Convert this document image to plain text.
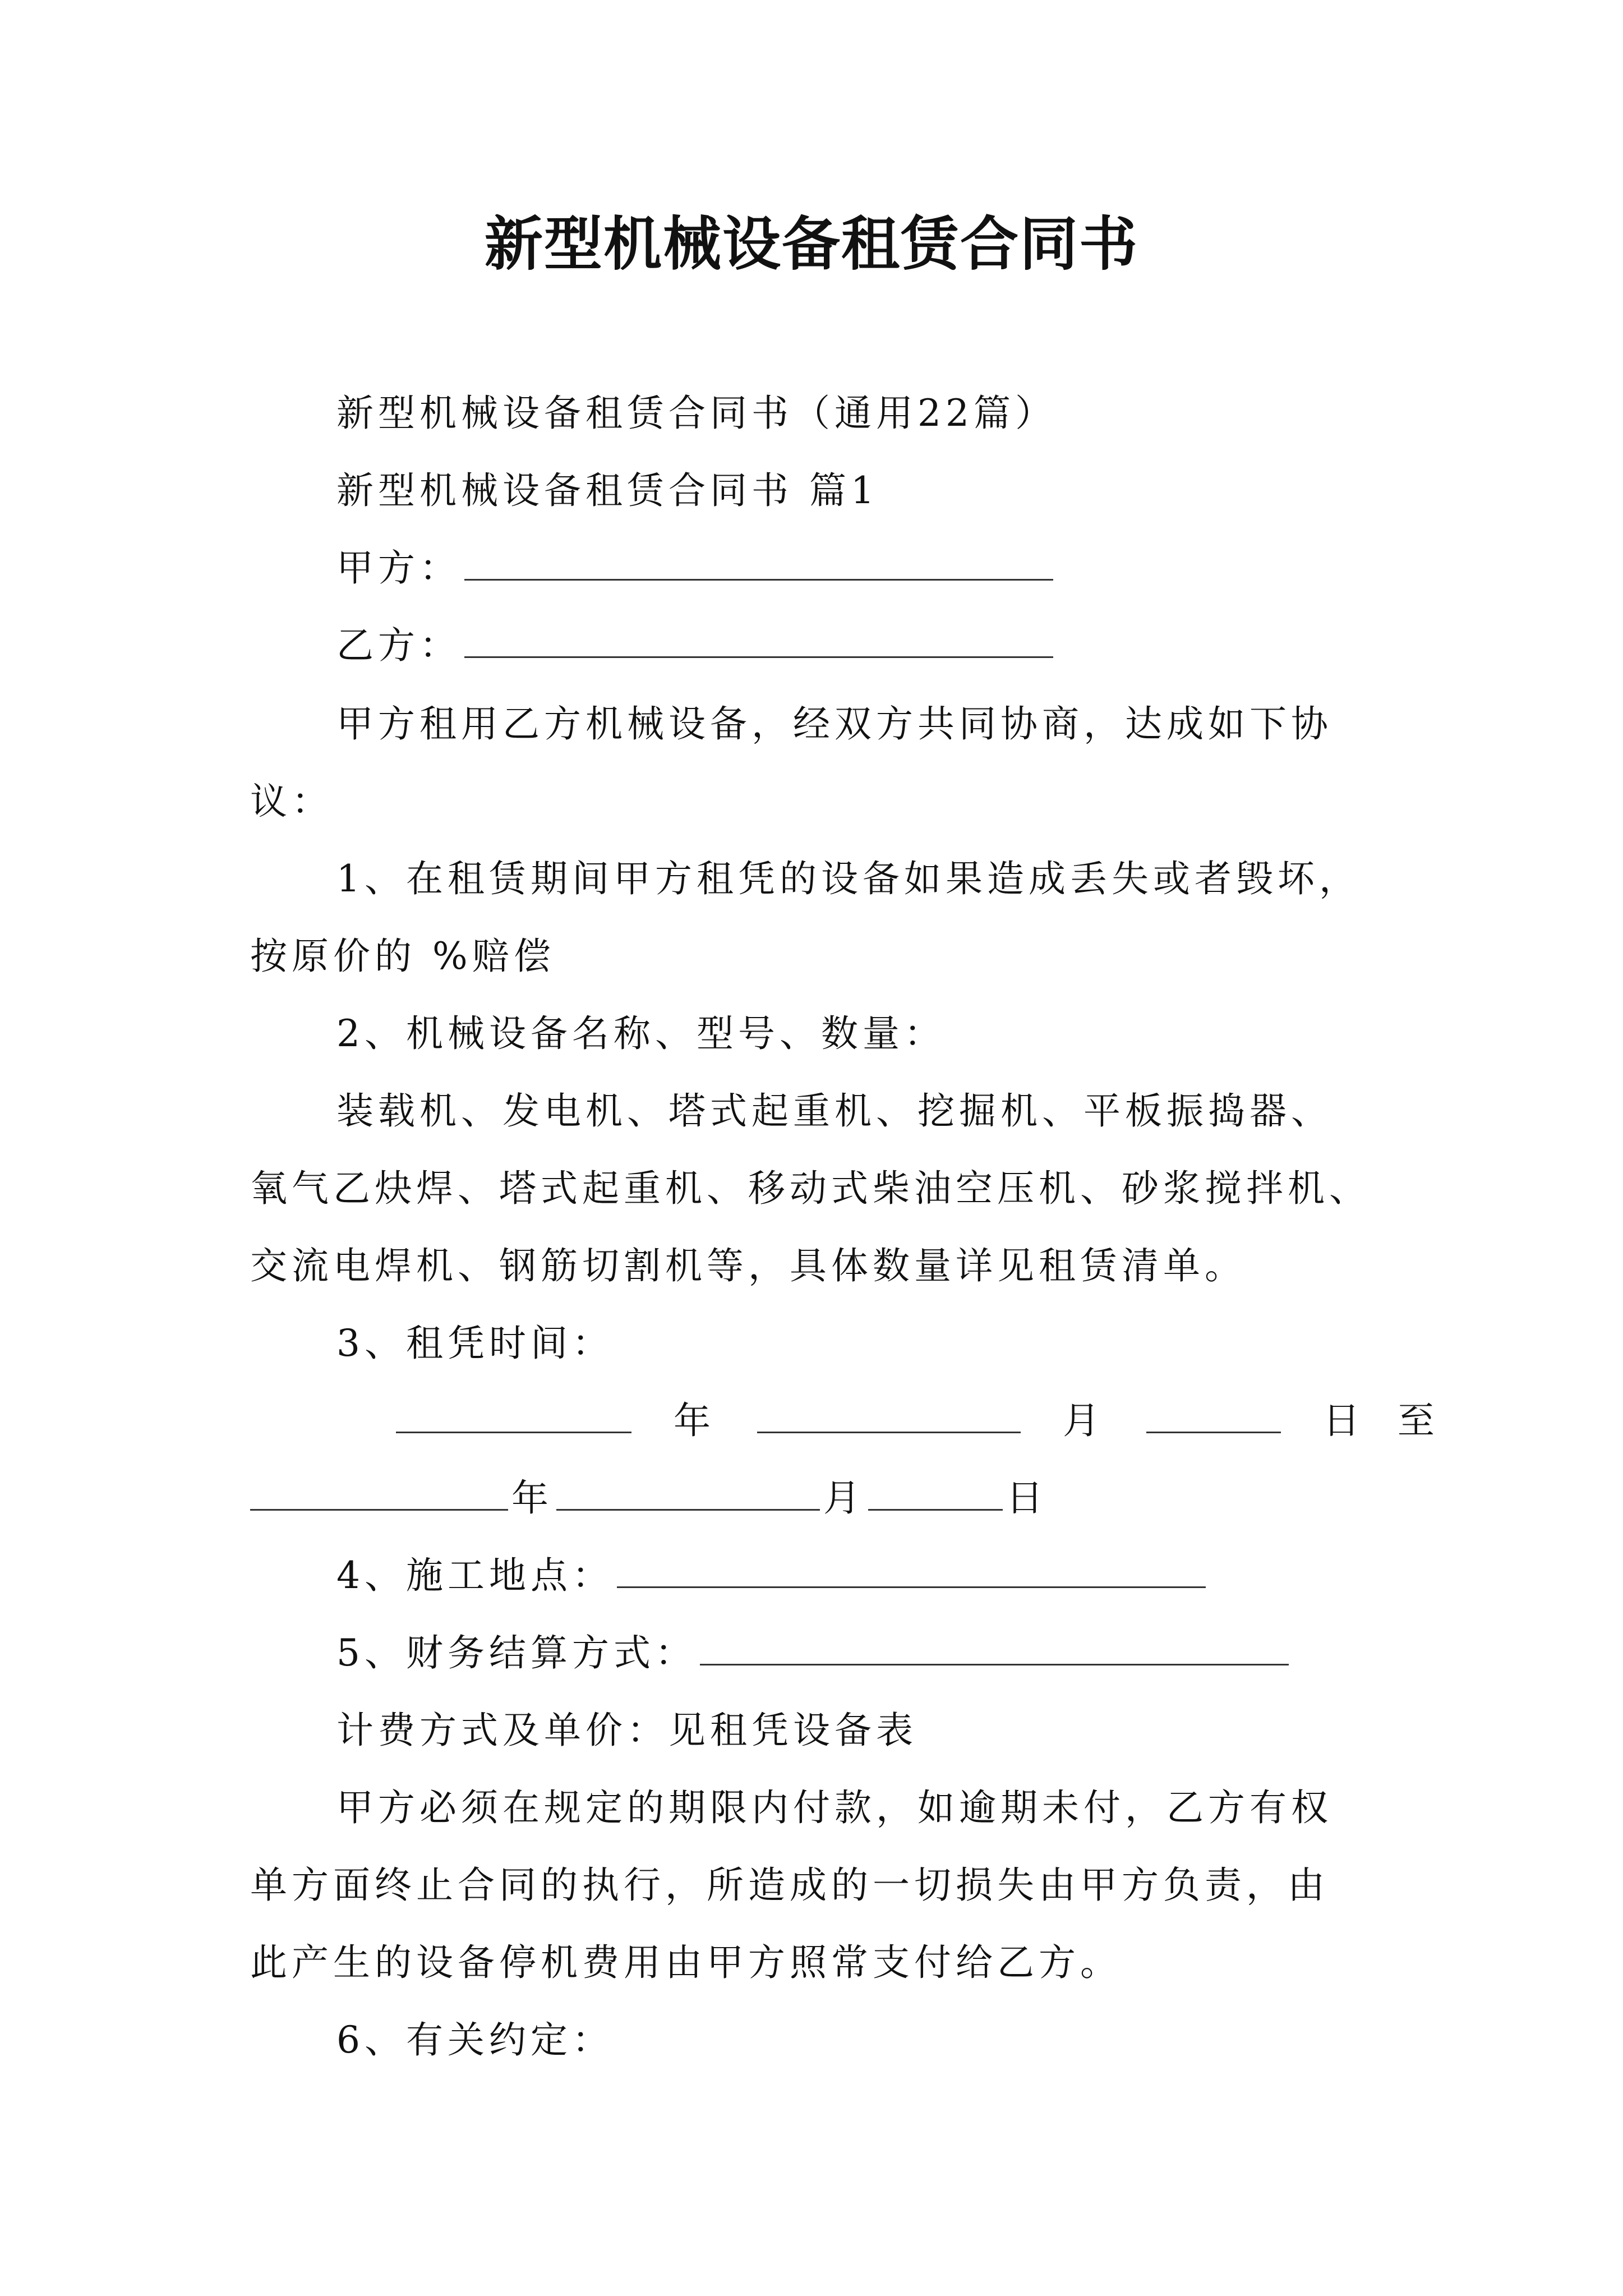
新型机械设备租赁合同书
新型机械设备租赁合同书（通用22篇）
新型机械设备租赁合同书 篇1
甲方：
乙方：
甲方租用乙方机械设备，经双方共同协商，达成如下协
议：
1、在租赁期间甲方租凭的设备如果造成丢失或者毁坏，
按原价的 %赔偿
2、机械设备名称、型号、数量：
装载机、发电机、塔式起重机、挖掘机、平板振捣器、
氧气乙炔焊、塔式起重机、移动式柴油空压机、砂浆搅拌机、
交流电焊机、钢筋切割机等，具体数量详见租赁清单。
3、租凭时间：
年	月	日 至
年	月	日
4、施工地点：
5、财务结算方式：
计费方式及单价：见租凭设备表
甲方必须在规定的期限内付款，如逾期未付，乙方有权
单方面终止合同的执行，所造成的一切损失由甲方负责，由
此产生的设备停机费用由甲方照常支付给乙方。
6、有关约定：
